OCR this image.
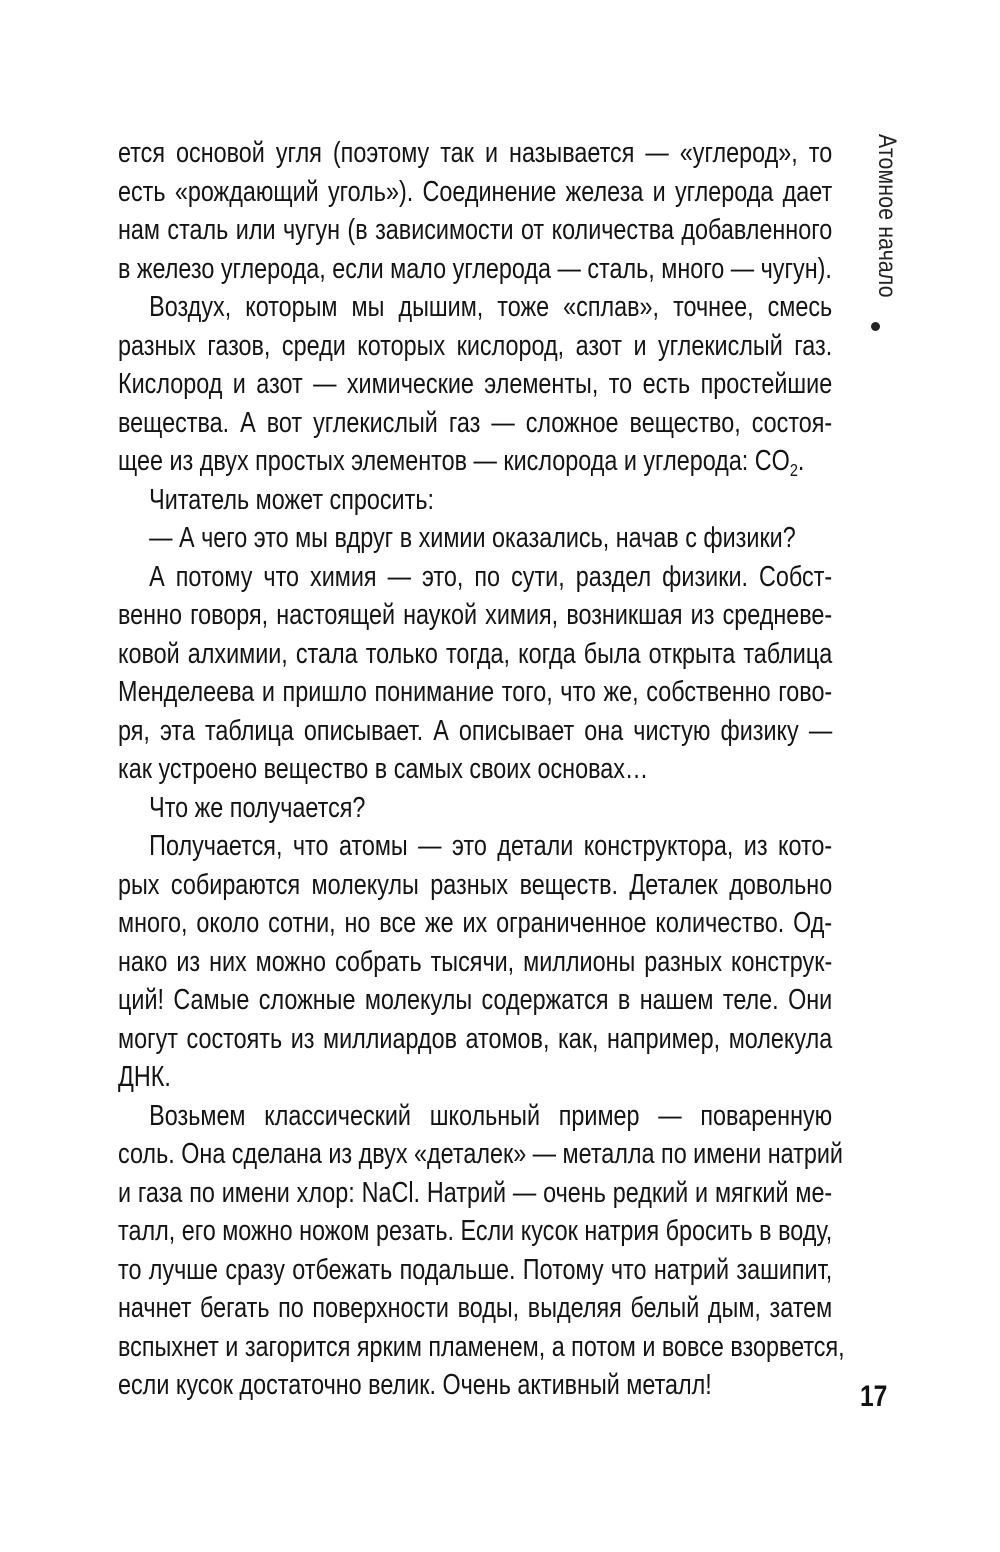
ется основой угля (поэтому так и называется — «углерод», то
есть «рождающий уголь»). Соединение железа и углерода дает
нам сталь или чугун (в зависимости от количества добавленного
в железо углерода, если мало углерода — сталь, много — чугун).

Воздух, которым мы дышим, тоже «сплав», точнее, смесь
разных газов, среди которых кислород, азот и углекислый газ.
Кислород и азот — химические элементы, то есть простейшие
вещества. А вот углекислый газ — сложное вещество, состоя-
щее из двух простых элементов — кислорода и углерода: $CO_2$.

Читатель может спросить:

— А чего это мы вдруг в химии оказались, начав с физики?

А потому что химия — это, по сути, раздел физики. Собст-
венно говоря, настоящей наукой химия, возникшая из средневе-
ковой алхимии, стала только тогда, когда была открыта таблица
Менделеева и пришло понимание того, что же, собственно гово-
ря, эта таблица описывает. А описывает она чистую физику —
как устроено вещество в самых своих основах…

Что же получается?

Получается, что атомы — это детали конструктора, из кото-
рых собираются молекулы разных веществ. Деталек довольно
много, около сотни, но все же их ограниченное количество. Од-
нако из них можно собрать тысячи, миллионы разных конструк-
ций! Самые сложные молекулы содержатся в нашем теле. Они
могут состоять из миллиардов атомов, как, например, молекула
ДНК.

Возьмем классический школьный пример — поваренную
соль. Она сделана из двух «деталек» — металла по имени натрий
и газа по имени хлор: NaCl. Натрий — очень редкий и мягкий ме-
талл, его можно ножом резать. Если кусок натрия бросить в воду,
то лучше сразу отбежать подальше. Потому что натрий зашипит,
начнет бегать по поверхности воды, выделяя белый дым, затем
вспыхнет и загорится ярким пламенем, а потом и вовсе взорвется,
если кусок достаточно велик. Очень активный металл!

Атомное начало
17
